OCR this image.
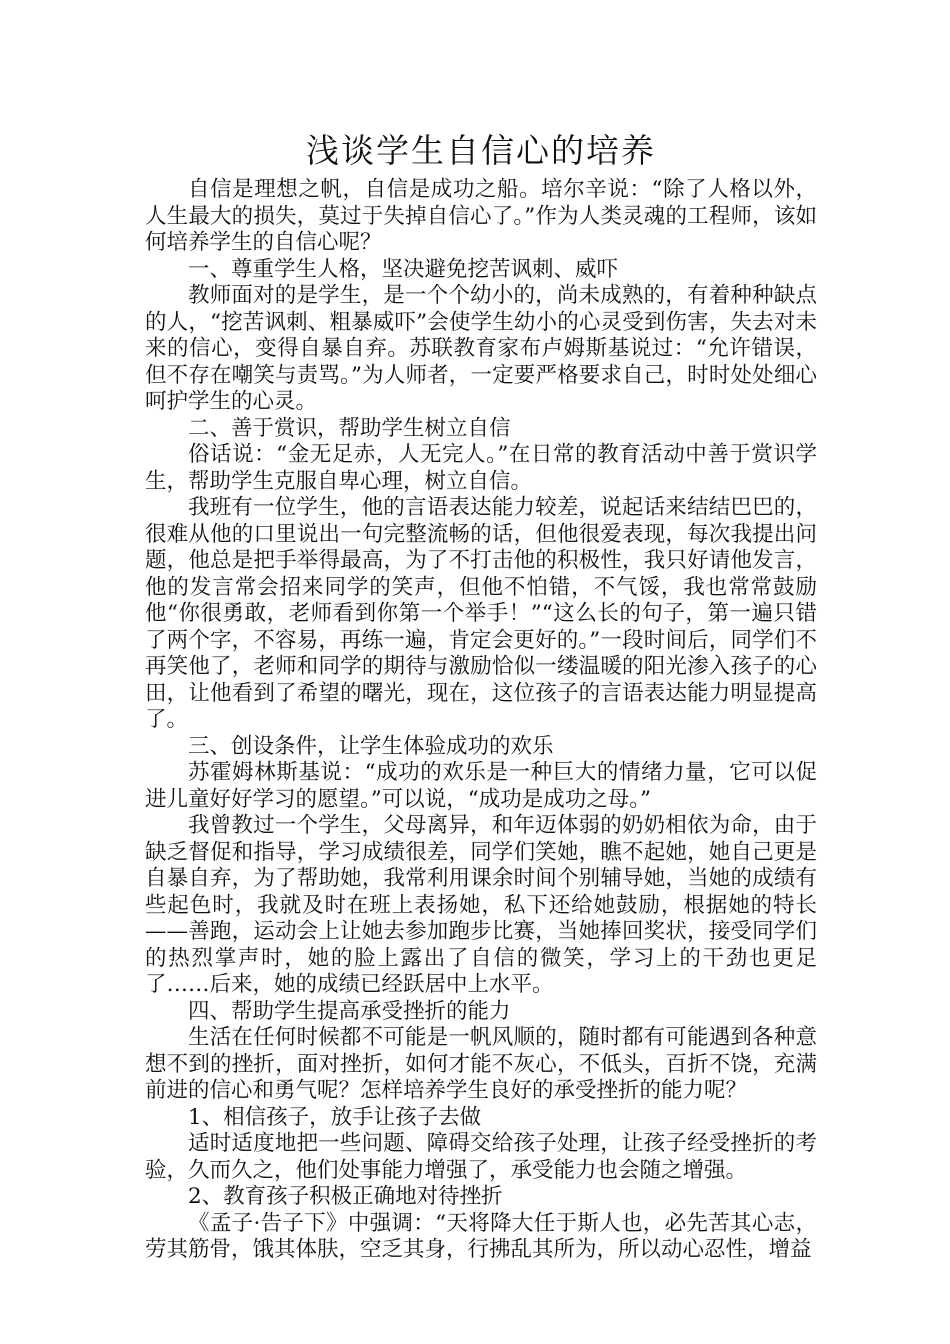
浅谈学生自信心的培养

自信是理想之帆，自信是成功之船。培尔辛说：“除了人格以外，人生最大的损失，莫过于失掉自信心了。”作为人类灵魂的工程师，该如何培养学生的自信心呢？

一、尊重学生人格，坚决避免挖苦讽刺、威吓

教师面对的是学生，是一个个幼小的，尚未成熟的，有着种种缺点的人，“挖苦讽刺、粗暴威吓”会使学生幼小的心灵受到伤害，失去对未来的信心，变得自暴自弃。苏联教育家布卢姆斯基说过：“允许错误，但不存在嘲笑与责骂。”为人师者，一定要严格要求自己，时时处处细心呵护学生的心灵。

二、善于赏识，帮助学生树立自信

俗话说：“金无足赤，人无完人。”在日常的教育活动中善于赏识学生，帮助学生克服自卑心理，树立自信。

我班有一位学生，他的言语表达能力较差，说起话来结结巴巴的，很难从他的口里说出一句完整流畅的话，但他很爱表现，每次我提出问题，他总是把手举得最高，为了不打击他的积极性，我只好请他发言，他的发言常会招来同学的笑声，但他不怕错，不气馁，我也常常鼓励他“你很勇敢，老师看到你第一个举手！”“这么长的句子，第一遍只错了两个字，不容易，再练一遍，肯定会更好的。”一段时间后，同学们不再笑他了，老师和同学的期待与激励恰似一缕温暖的阳光渗入孩子的心田，让他看到了希望的曙光，现在，这位孩子的言语表达能力明显提高了。

三、创设条件，让学生体验成功的欢乐

苏霍姆林斯基说：“成功的欢乐是一种巨大的情绪力量，它可以促进儿童好好学习的愿望。”可以说，“成功是成功之母。”

我曾教过一个学生，父母离异，和年迈体弱的奶奶相依为命，由于缺乏督促和指导，学习成绩很差，同学们笑她，瞧不起她，她自己更是自暴自弃，为了帮助她，我常利用课余时间个别辅导她，当她的成绩有些起色时，我就及时在班上表扬她，私下还给她鼓励，根据她的特长——善跑，运动会上让她去参加跑步比赛，当她捧回奖状，接受同学们的热烈掌声时，她的脸上露出了自信的微笑，学习上的干劲也更足了……后来，她的成绩已经跃居中上水平。

四、帮助学生提高承受挫折的能力

生活在任何时候都不可能是一帆风顺的，随时都有可能遇到各种意想不到的挫折，面对挫折，如何才能不灰心，不低头，百折不饶，充满前进的信心和勇气呢？怎样培养学生良好的承受挫折的能力呢？

1、相信孩子，放手让孩子去做

适时适度地把一些问题、障碍交给孩子处理，让孩子经受挫折的考验，久而久之，他们处事能力增强了，承受能力也会随之增强。

2、教育孩子积极正确地对待挫折

《孟子·告子下》中强调：“天将降大任于斯人也，必先苦其心志，劳其筋骨，饿其体肤，空乏其身，行拂乱其所为，所以动心忍性，增益
